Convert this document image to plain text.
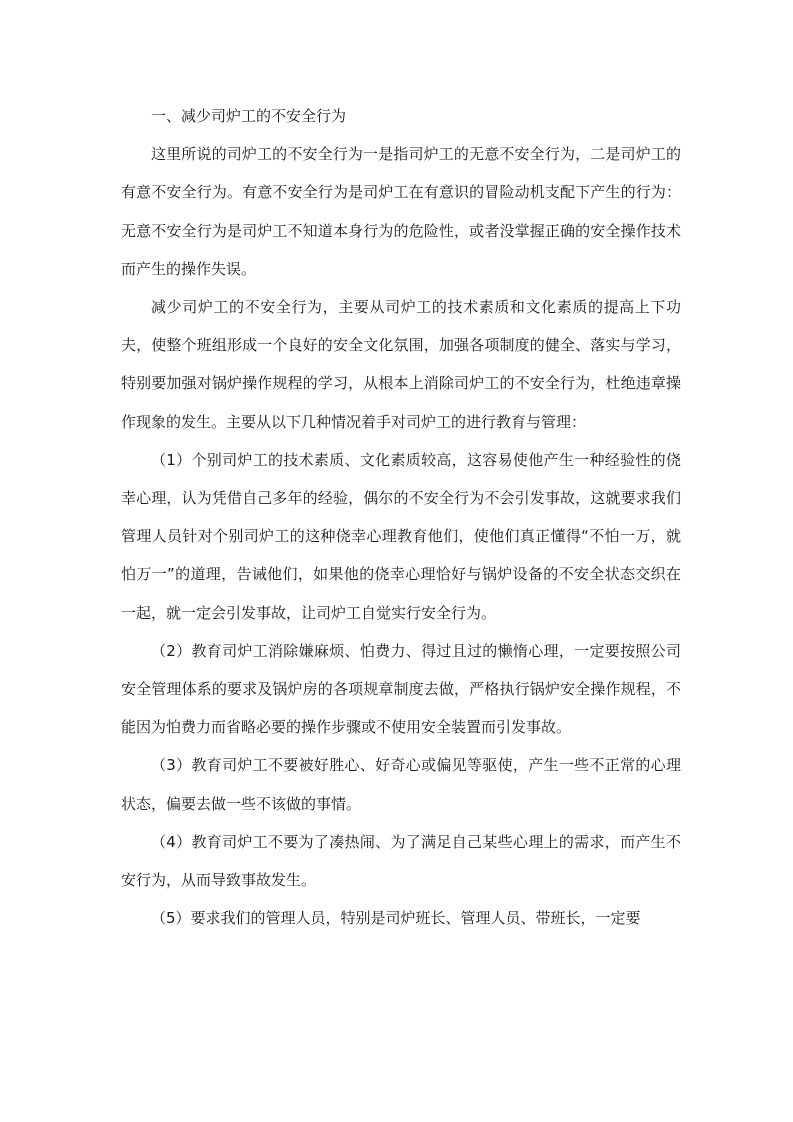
一、减少司炉工的不安全行为

这里所说的司炉工的不安全行为一是指司炉工的无意不安全行为，二是司炉工的有意不安全行为。有意不安全行为是司炉工在有意识的冒险动机支配下产生的行为：无意不安全行为是司炉工不知道本身行为的危险性，或者没掌握正确的安全操作技术而产生的操作失误。

减少司炉工的不安全行为，主要从司炉工的技术素质和文化素质的提高上下功夫，使整个班组形成一个良好的安全文化氛围，加强各项制度的健全、落实与学习，特别要加强对锅炉操作规程的学习，从根本上消除司炉工的不安全行为，杜绝违章操作现象的发生。主要从以下几种情况着手对司炉工的进行教育与管理：

（1）个别司炉工的技术素质、文化素质较高，这容易使他产生一种经验性的侥幸心理，认为凭借自己多年的经验，偶尔的不安全行为不会引发事故，这就要求我们管理人员针对个别司炉工的这种侥幸心理教育他们，使他们真正懂得“不怕一万，就怕万一”的道理，告诫他们，如果他的侥幸心理恰好与锅炉设备的不安全状态交织在一起，就一定会引发事故，让司炉工自觉实行安全行为。

（2）教育司炉工消除嫌麻烦、怕费力、得过且过的懒惰心理，一定要按照公司安全管理体系的要求及锅炉房的各项规章制度去做，严格执行锅炉安全操作规程，不能因为怕费力而省略必要的操作步骤或不使用安全装置而引发事故。

（3）教育司炉工不要被好胜心、好奇心或偏见等驱使，产生一些不正常的心理状态，偏要去做一些不该做的事情。

（4）教育司炉工不要为了凑热闹、为了满足自己某些心理上的需求，而产生不安行为，从而导致事故发生。

（5）要求我们的管理人员，特别是司炉班长、管理人员、带班长，一定要
